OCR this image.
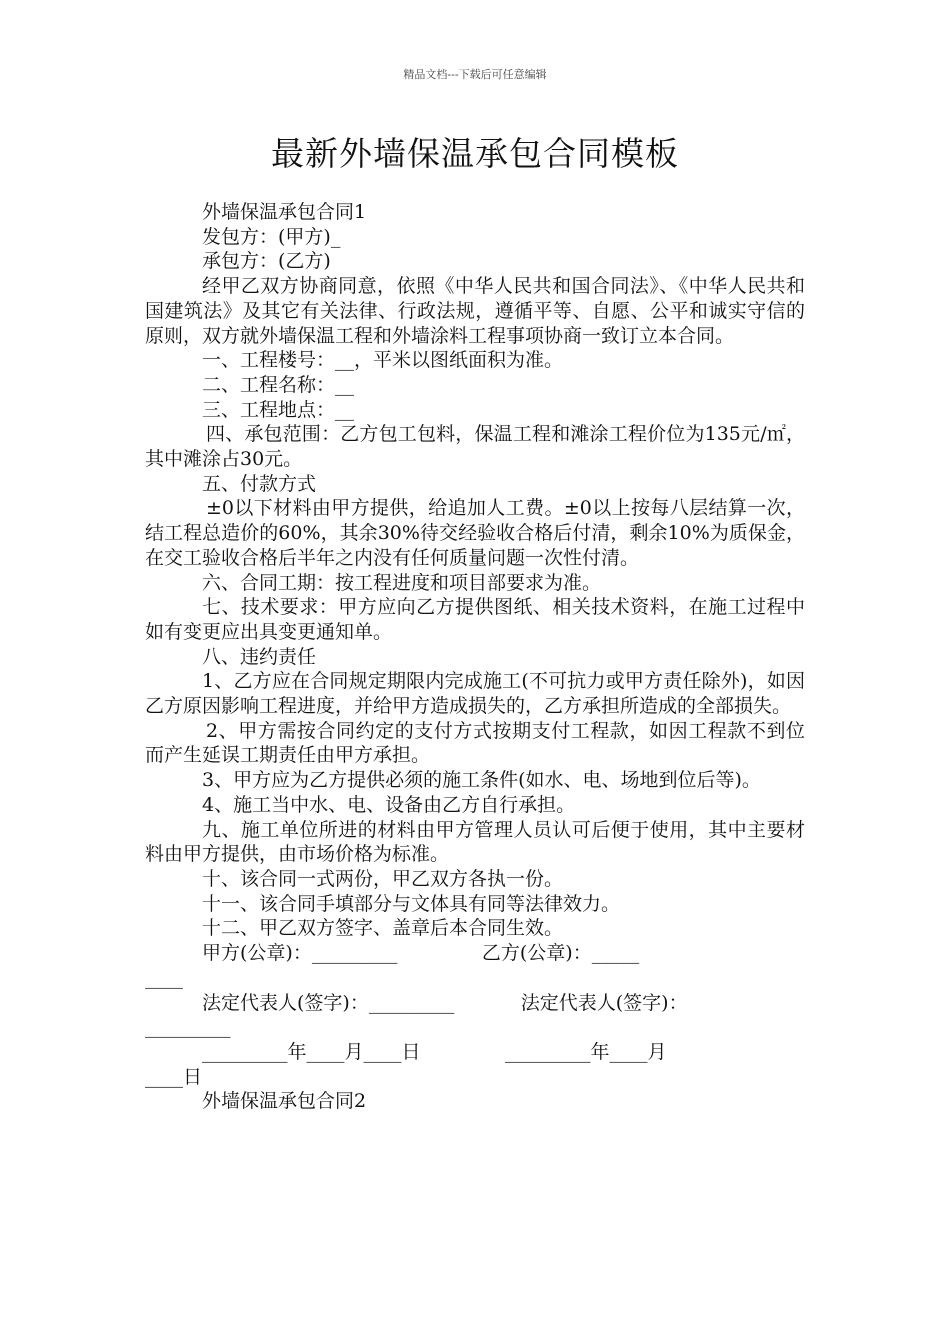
精品文档---下载后可任意编辑
最新外墙保温承包合同模板

外墙保温承包合同1

发包方：(甲方)_

承包方：(乙方)

经甲乙双方协商同意，依照《中华人民共和国合同法》、《中华人民共和国建筑法》及其它有关法律、行政法规，遵循平等、自愿、公平和诚实守信的原则，双方就外墙保温工程和外墙涂料工程事项协商一致订立本合同。

一、工程楼号：__，平米以图纸面积为准。

二、工程名称：__

三、工程地点：__

四、承包范围：乙方包工包料，保温工程和滩涂工程价位为135元/㎡，其中滩涂占30元。

五、付款方式

±0以下材料由甲方提供，给追加人工费。±0以上按每八层结算一次，结工程总造价的60%，其余30%待交经验收合格后付清，剩余10%为质保金，在交工验收合格后半年之内没有任何质量问题一次性付清。

六、合同工期：按工程进度和项目部要求为准。

七、技术要求：甲方应向乙方提供图纸、相关技术资料，在施工过程中如有变更应出具变更通知单。

八、违约责任

1、乙方应在合同规定期限内完成施工(不可抗力或甲方责任除外)，如因乙方原因影响工程进度，并给甲方造成损失的，乙方承担所造成的全部损失。

2、甲方需按合同约定的支付方式按期支付工程款，如因工程款不到位而产生延误工期责任由甲方承担。

3、甲方应为乙方提供必须的施工条件(如水、电、场地到位后等)。

4、施工当中水、电、设备由乙方自行承担。

九、施工单位所进的材料由甲方管理人员认可后便于使用，其中主要材料由甲方提供，由市场价格为标准。

十、该合同一式两份，甲乙双方各执一份。

十一、该合同手填部分与文体具有同等法律效力。

十二、甲乙双方签字、盖章后本合同生效。

甲方(公章)：_________              乙方(公章)：_____
____

法定代表人(签字)：_________           法定代表人(签字)：
_________

_________年____月____日              _________年____月
____日

外墙保温承包合同2
